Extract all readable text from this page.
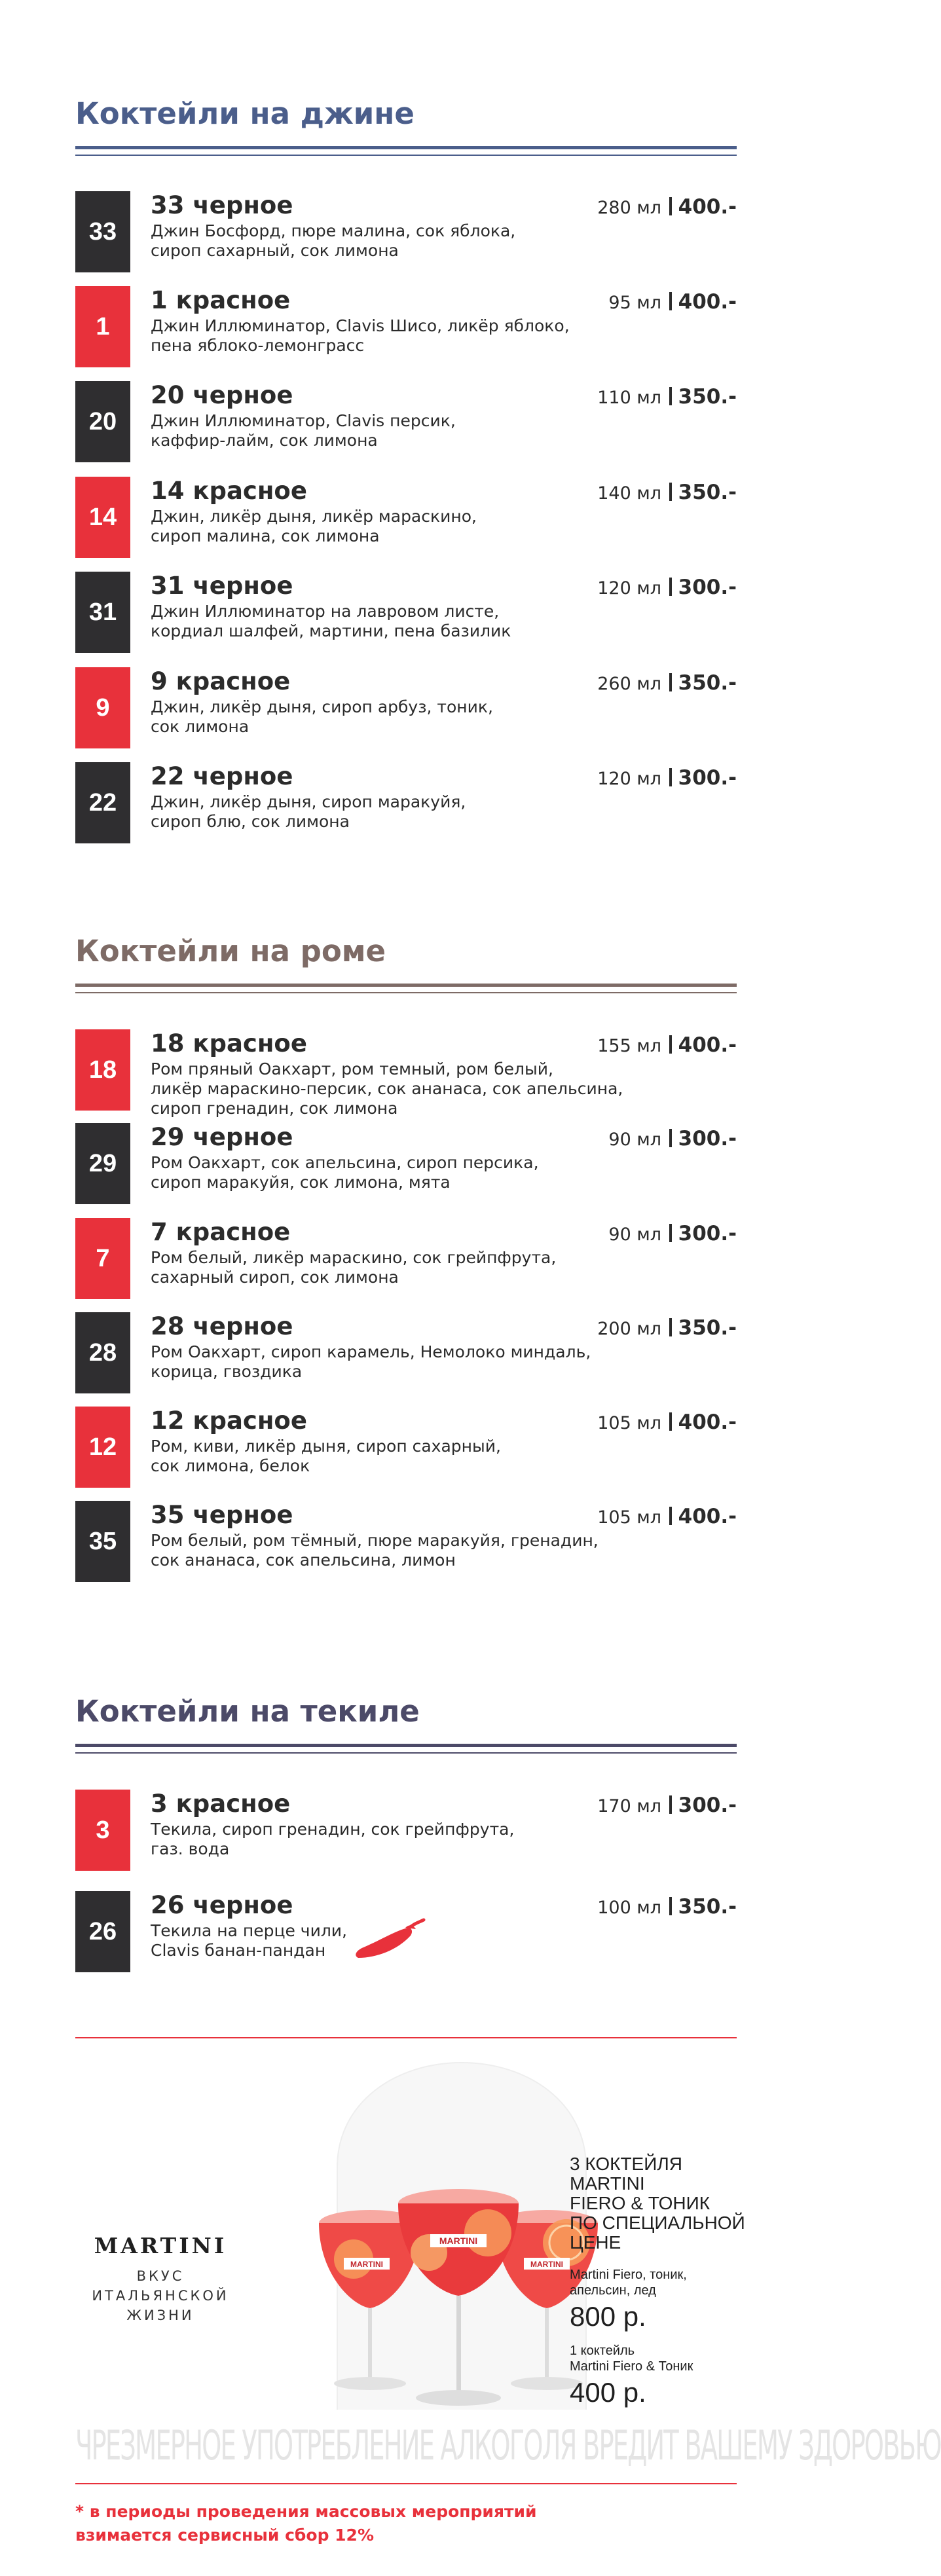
Коктейли на джине
33
33 черное
Джин Босфорд, пюре малина, сок яблока,
сироп сахарный, сок лимона
280 мл 400.-
1
1 красное
Джин Иллюминатор, Clavis Шисо, ликёр яблоко,
пена яблоко-лемонграсс
95 мл 400.-
20
20 черное
Джин Иллюминатор, Clavis персик,
каффир-лайм, сок лимона
110 мл 350.-
14
14 красное
Джин, ликёр дыня, ликёр мараскино,
сироп малина, сок лимона
140 мл 350.-
31
31 черное
Джин Иллюминатор на лавровом листе,
кордиал шалфей, мартини, пена базилик
120 мл 300.-
9
9 красное
Джин, ликёр дыня, сироп арбуз, тоник,
сок лимона
260 мл 350.-
22
22 черное
Джин, ликёр дыня, сироп маракуйя,
сироп блю, сок лимона
120 мл 300.-
Коктейли на роме
18
18 красное
Ром пряный Оакхарт, ром темный, ром белый,
ликёр мараскино-персик, сок ананаса, сок апельсина,
сироп гренадин, сок лимона
155 мл 400.-
29
29 черное
Ром Оакхарт, сок апельсина, сироп персика,
сироп маракуйя, сок лимона, мята
90 мл 300.-
7
7 красное
Ром белый, ликёр мараскино, сок грейпфрута,
сахарный сироп, сок лимона
90 мл 300.-
28
28 черное
Ром Оакхарт, сироп карамель, Немолоко миндаль,
корица, гвоздика
200 мл 350.-
12
12 красное
Ром, киви, ликёр дыня, сироп сахарный,
сок лимона, белок
105 мл 400.-
35
35 черное
Ром белый, ром тёмный, пюре маракуйя, гренадин,
сок ананаса, сок апельсина, лимон
105 мл 400.-
Коктейли на текиле
3
3 красное
Текила, сироп гренадин, сок грейпфрута,
газ. вода
170 мл 300.-
26
26 черное
Текила на перце чили,
Clavis банан-пандан
100 мл 350.-
MARTINI
ВКУС ИТАЛЬЯНСКОЙ
ЖИЗНИ
MARTINI	MARTINI
MARTINI
3 КОКТЕЙЛЯ
MARTINI
FIERO & ТОНИК
ПО СПЕЦИАЛЬНОЙ
ЦЕНЕ
Martini Fiero, тоник,
апельсин, лед
800 р.
1 коктейль
Martini Fiero & Тоник
400 р.
ЧРЕЗМЕРНОЕ УПОТРЕБЛЕНИЕ АЛКОГОЛЯ ВРЕДИТ ВАШЕМУ ЗДОРОВЬЮ
* в периоды проведения массовых мероприятий
взимается сервисный сбор 12%
